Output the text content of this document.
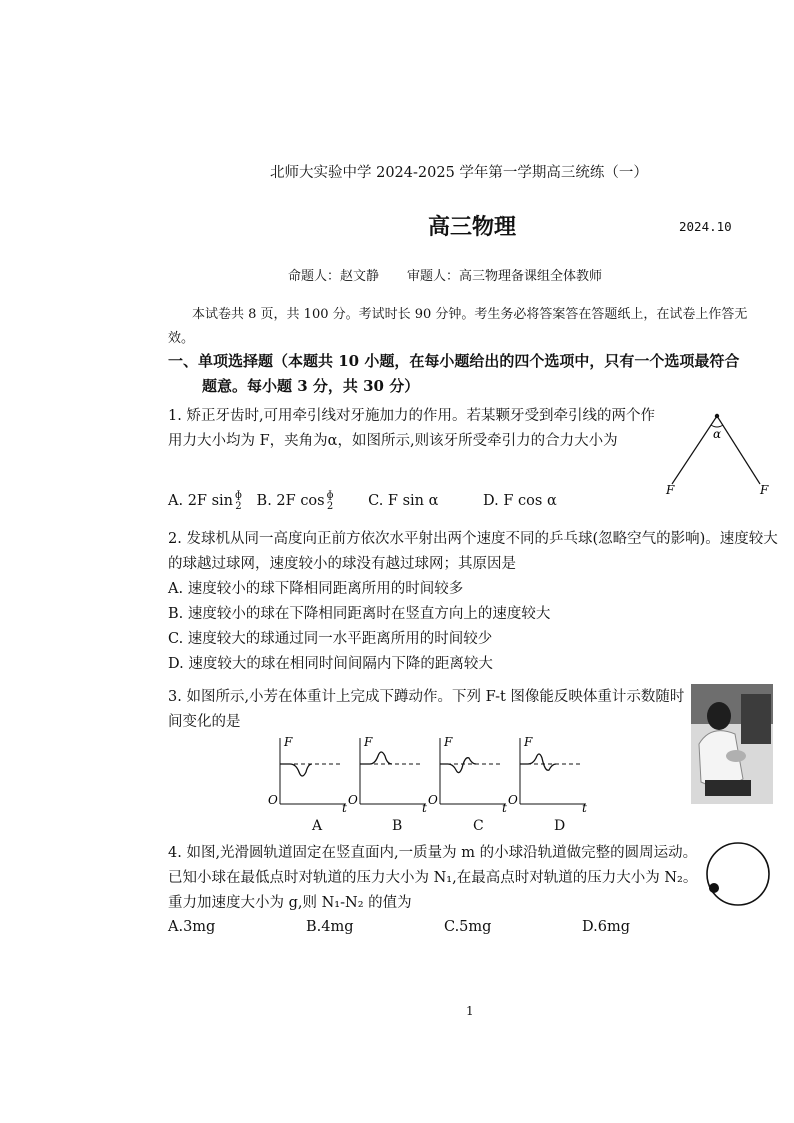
北师大实验中学 2024-2025 学年第一学期高三统练（一）
高三物理	2024.10
命题人：赵文静 审题人：高三物理备课组全体教师
本试卷共 8 页，共 100 分。考试时长 90 分钟。考生务必将答案答在答题纸上，在试卷上作答无效。
一、单项选择题（本题共 10 小题，在每小题给出的四个选项中，只有一个选项最符合
题意。每小题 3 分，共 30 分）
1. 矫正牙齿时,可用牵引线对牙施加力的作用。若某颗牙受到牵引线的两个作用力大小均为 F，夹角为α，如图所示,则该牙所受牵引力的合力大小为
A. 2F sin ɸ
2 B. 2F cos ɸ
2 C. F sin α	D. F cos α
α
F	F
2. 发球机从同一高度向正前方依次水平射出两个速度不同的乒乓球(忽略空气的影响)。速度较大的球越过球网，速度较小的球没有越过球网；其原因是
A. 速度较小的球下降相同距离所用的时间较多
B. 速度较小的球在下降相同距离时在竖直方向上的速度较大
C. 速度较大的球通过同一水平距离所用的时间较少
D. 速度较大的球在相同时间间隔内下降的距离较大
3. 如图所示,小芳在体重计上完成下蹲动作。下列 F-t 图像能反映体重计示数随时间变化的是
F
O
t
F
O
t
F
O
t
F
O
t
A	B	C	D
4. 如图,光滑圆轨道固定在竖直面内,一质量为 m 的小球沿轨道做完整的圆周运动。已知小球在最低点时对轨道的压力大小为 N₁,在最高点时对轨道的压力大小为 N₂。重力加速度大小为 g,则 N₁-N₂ 的值为
A.3mg	B.4mg	C.5mg	D.6mg
1
